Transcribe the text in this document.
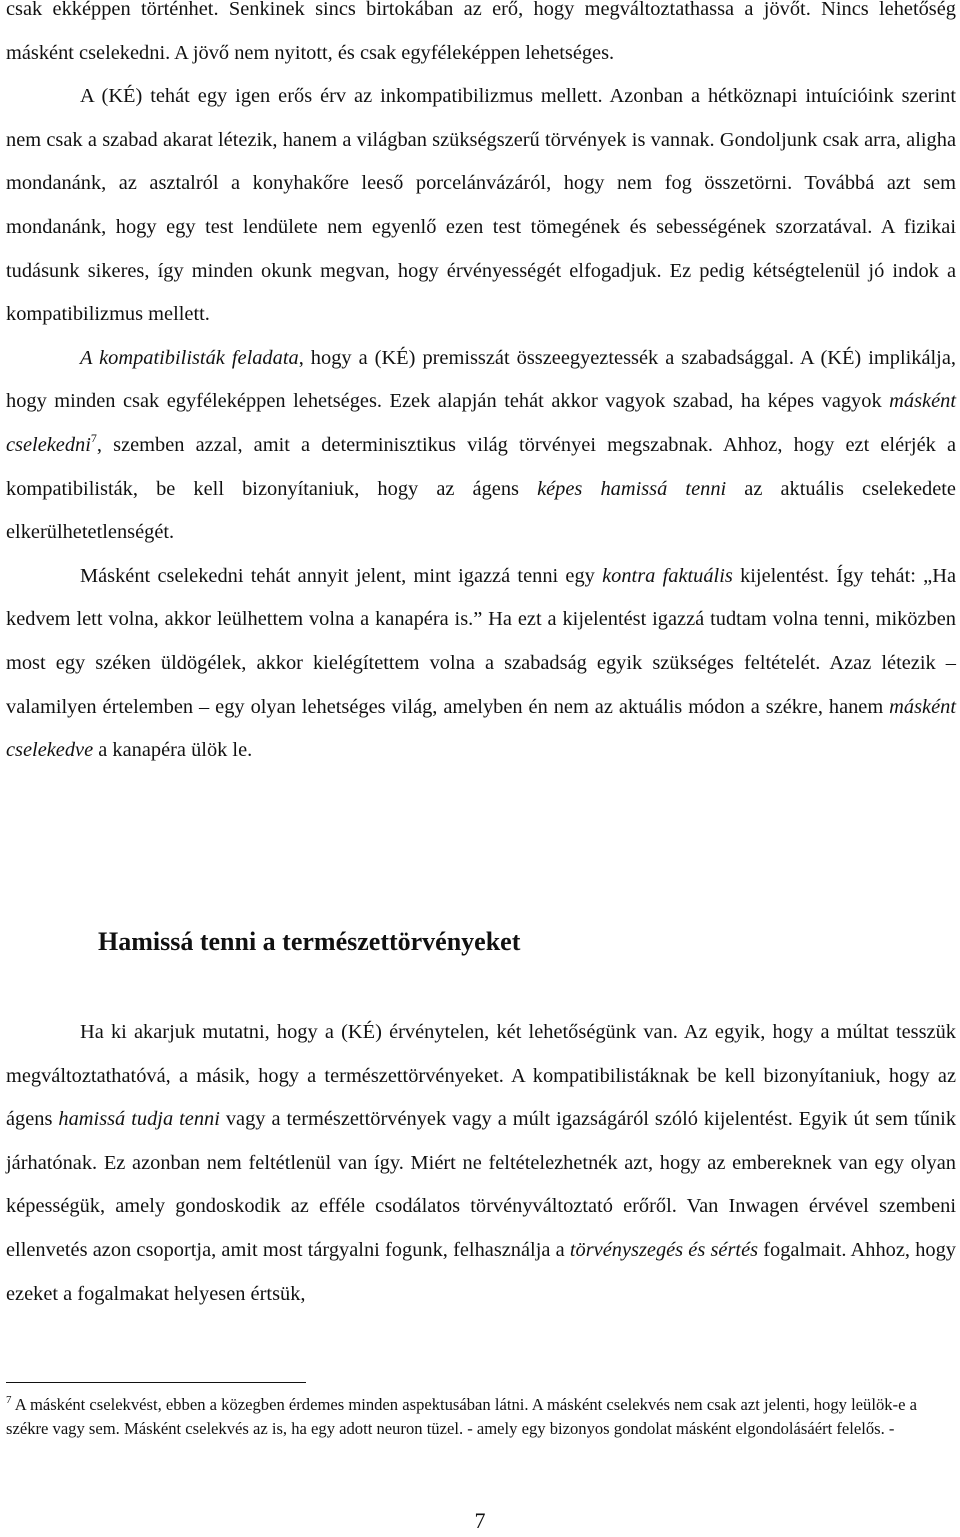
csak ekképpen történhet. Senkinek sincs birtokában az erő, hogy megváltoztathassa a jövőt. Nincs lehetőség másként cselekedni. A jövő nem nyitott, és csak egyféleképpen lehetséges.

A (KÉ) tehát egy igen erős érv az inkompatibilizmus mellett. Azonban a hétköznapi intuícióink szerint nem csak a szabad akarat létezik, hanem a világban szükségszerű törvények is vannak. Gondoljunk csak arra, aligha mondanánk, az asztalról a konyhakőre leeső porcelánvázáról, hogy nem fog összetörni. Továbbá azt sem mondanánk, hogy egy test lendülete nem egyenlő ezen test tömegének és sebességének szorzatával. A fizikai tudásunk sikeres, így minden okunk megvan, hogy érvényességét elfogadjuk. Ez pedig kétségtelenül jó indok a kompatibilizmus mellett.

A kompatibilisták feladata, hogy a (KÉ) premisszát összeegyeztessék a szabadsággal. A (KÉ) implikálja, hogy minden csak egyféleképpen lehetséges. Ezek alapján tehát akkor vagyok szabad, ha képes vagyok másként cselekedni$^7$, szemben azzal, amit a determinisztikus világ törvényei megszabnak. Ahhoz, hogy ezt elérjék a kompatibilisták, be kell bizonyítaniuk, hogy az ágens képes hamissá tenni az aktuális cselekedete elkerülhetetlenségét.

Másként cselekedni tehát annyit jelent, mint igazzá tenni egy kontra faktuális kijelentést. Így tehát: „Ha kedvem lett volna, akkor leülhettem volna a kanapéra is.” Ha ezt a kijelentést igazzá tudtam volna tenni, miközben most egy széken üldögélek, akkor kielégítettem volna a szabadság egyik szükséges feltételét. Azaz létezik – valamilyen értelemben – egy olyan lehetséges világ, amelyben én nem az aktuális módon a székre, hanem másként cselekedve a kanapéra ülök le.

Hamissá tenni a természettörvényeket

Ha ki akarjuk mutatni, hogy a (KÉ) érvénytelen, két lehetőségünk van. Az egyik, hogy a múltat tesszük megváltoztathatóvá, a másik, hogy a természettörvényeket. A kompatibilistáknak be kell bizonyítaniuk, hogy az ágens hamissá tudja tenni vagy a természettörvények vagy a múlt igazságáról szóló kijelentést. Egyik út sem tűnik járhatónak. Ez azonban nem feltétlenül van így. Miért ne feltételezhetnék azt, hogy az embereknek van egy olyan képességük, amely gondoskodik az efféle csodálatos törvényváltoztató erőről. Van Inwagen érvével szembeni ellenvetés azon csoportja, amit most tárgyalni fogunk, felhasználja a törvényszegés és sértés fogalmait. Ahhoz, hogy ezeket a fogalmakat helyesen értsük,

$^7$ A másként cselekvést, ebben a közegben érdemes minden aspektusában látni. A másként cselekvés nem csak azt jelenti, hogy leülök-e a székre vagy sem. Másként cselekvés az is, ha egy adott neuron tüzel. - amely egy bizonyos gondolat másként elgondolásáért felelős. -

7
